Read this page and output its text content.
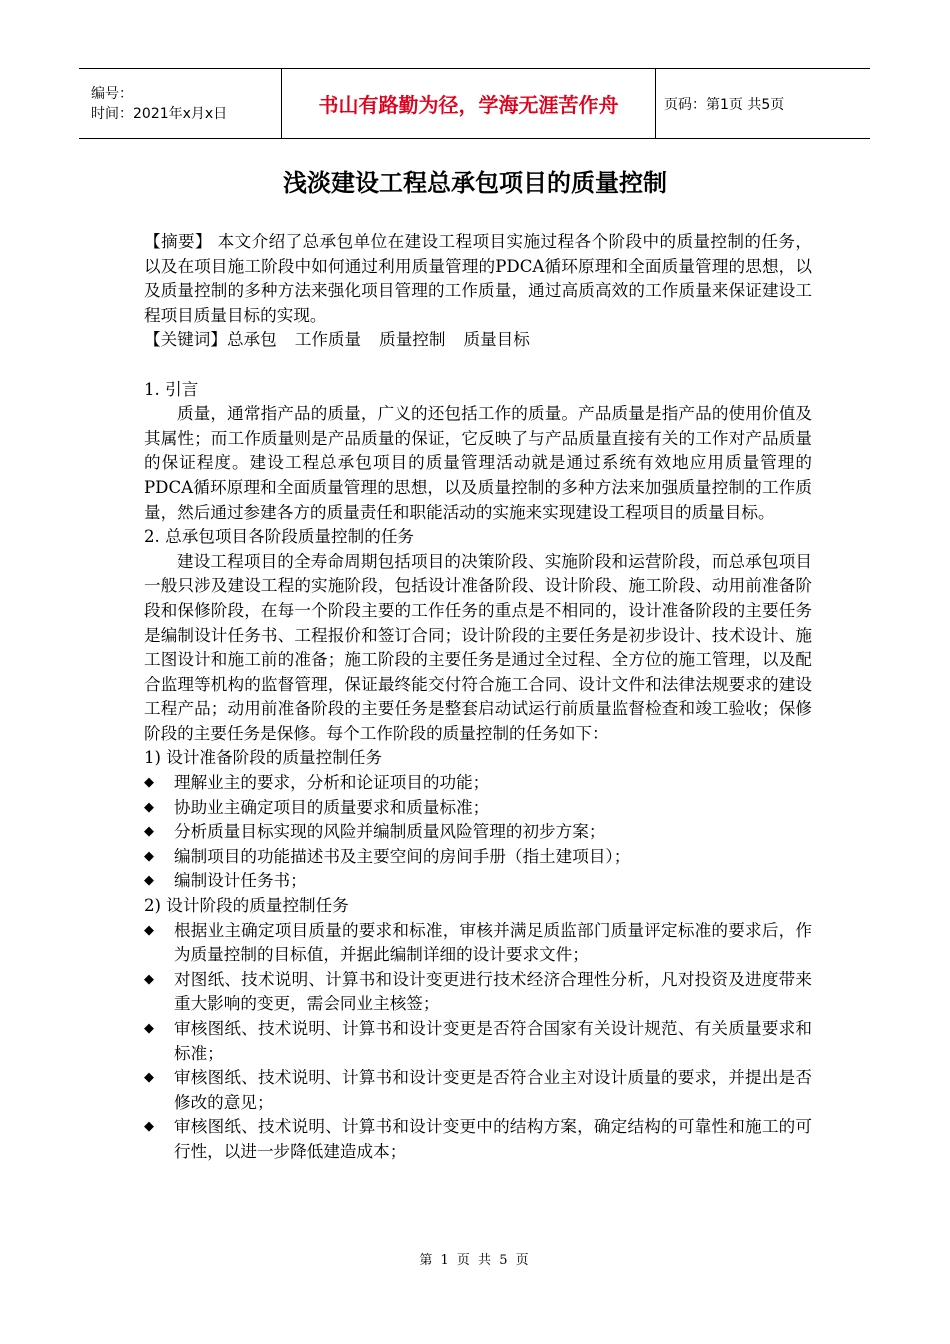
编号：
时间：2021年x月x日	书山有路勤为径，学海无涯苦作舟	页码：第1页 共5页
浅淡建设工程总承包项目的质量控制

【摘要】 本文介绍了总承包单位在建设工程项目实施过程各个阶段中的质量控制的任务，以及在项目施工阶段中如何通过利用质量管理的PDCA循环原理和全面质量管理的思想，以及质量控制的多种方法来强化项目管理的工作质量，通过高质高效的工作质量来保证建设工程项目质量目标的实现。

【关键词】总承包 工作质量 质量控制 质量目标

1. 引言

质量，通常指产品的质量，广义的还包括工作的质量。产品质量是指产品的使用价值及其属性；而工作质量则是产品质量的保证，它反映了与产品质量直接有关的工作对产品质量的保证程度。建设工程总承包项目的质量管理活动就是通过系统有效地应用质量管理的PDCA循环原理和全面质量管理的思想，以及质量控制的多种方法来加强质量控制的工作质量，然后通过参建各方的质量责任和职能活动的实施来实现建设工程项目的质量目标。

2. 总承包项目各阶段质量控制的任务

建设工程项目的全寿命周期包括项目的决策阶段、实施阶段和运营阶段，而总承包项目一般只涉及建设工程的实施阶段，包括设计准备阶段、设计阶段、施工阶段、动用前准备阶段和保修阶段，在每一个阶段主要的工作任务的重点是不相同的，设计准备阶段的主要任务是编制设计任务书、工程报价和签订合同；设计阶段的主要任务是初步设计、技术设计、施工图设计和施工前的准备；施工阶段的主要任务是通过全过程、全方位的施工管理，以及配合监理等机构的监督管理，保证最终能交付符合施工合同、设计文件和法律法规要求的建设工程产品；动用前准备阶段的主要任务是整套启动试运行前质量监督检查和竣工验收；保修阶段的主要任务是保修。每个工作阶段的质量控制的任务如下：

1) 设计准备阶段的质量控制任务

◆	理解业主的要求，分析和论证项目的功能；
◆	协助业主确定项目的质量要求和质量标准；
◆	分析质量目标实现的风险并编制质量风险管理的初步方案；
◆	编制项目的功能描述书及主要空间的房间手册（指土建项目）；
◆	编制设计任务书；

2) 设计阶段的质量控制任务

◆	根据业主确定项目质量的要求和标准，审核并满足质监部门质量评定标准的要求后，作为质量控制的目标值，并据此编制详细的设计要求文件；
◆	对图纸、技术说明、计算书和设计变更进行技术经济合理性分析，凡对投资及进度带来重大影响的变更，需会同业主核签；
◆	审核图纸、技术说明、计算书和设计变更是否符合国家有关设计规范、有关质量要求和标准；
◆	审核图纸、技术说明、计算书和设计变更是否符合业主对设计质量的要求，并提出是否修改的意见；
◆	审核图纸、技术说明、计算书和设计变更中的结构方案，确定结构的可靠性和施工的可行性，以进一步降低建造成本；
第 1 页 共 5 页
